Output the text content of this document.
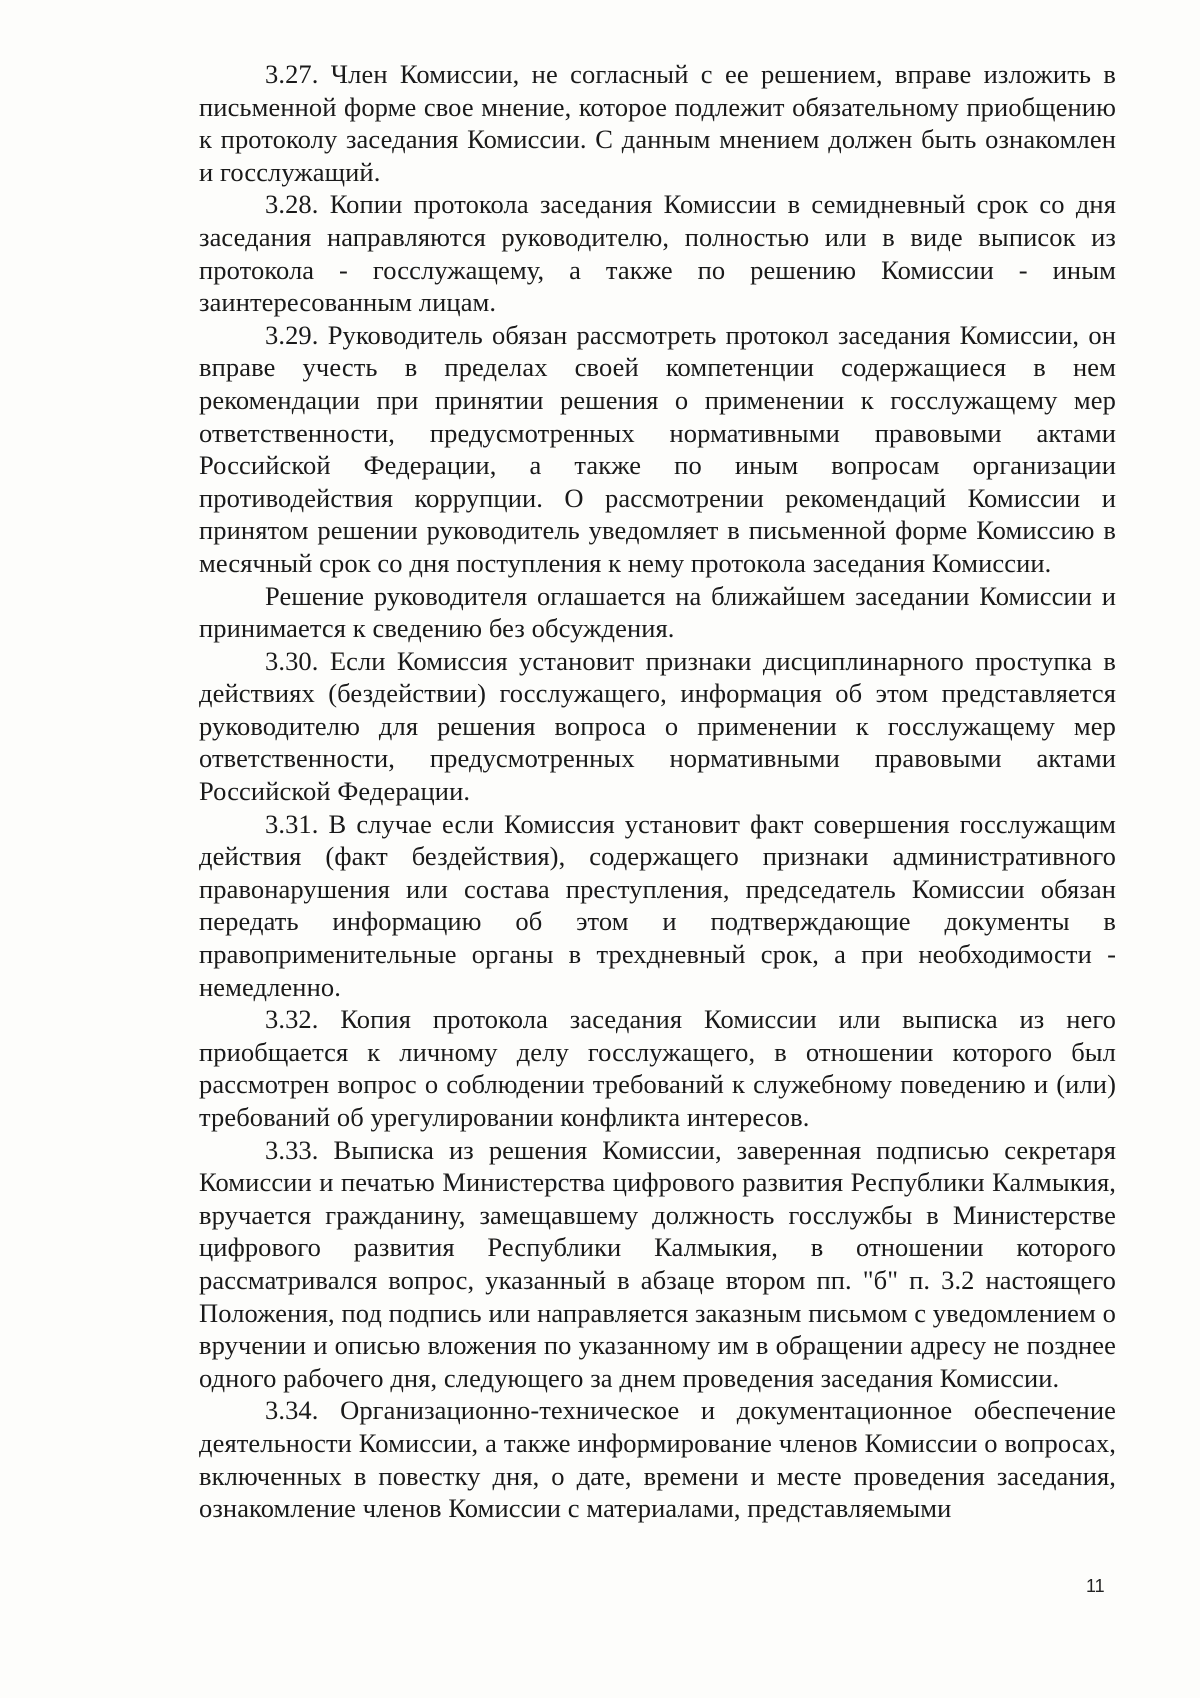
3.27. Член Комиссии, не согласный с ее решением, вправе изложить в письменной форме свое мнение, которое подлежит обязательному приобщению к протоколу заседания Комиссии. С данным мнением должен быть ознакомлен и госслужащий.

3.28. Копии протокола заседания Комиссии в семидневный срок со дня заседания направляются руководителю, полностью или в виде выписок из протокола - госслужащему, а также по решению Комиссии - иным заинтересованным лицам.

3.29. Руководитель обязан рассмотреть протокол заседания Комиссии, он вправе учесть в пределах своей компетенции содержащиеся в нем рекомендации при принятии решения о применении к госслужащему мер ответственности, предусмотренных нормативными правовыми актами Российской Федерации, а также по иным вопросам организации противодействия коррупции. О рассмотрении рекомендаций Комиссии и принятом решении руководитель уведомляет в письменной форме Комиссию в месячный срок со дня поступления к нему протокола заседания Комиссии.

Решение руководителя оглашается на ближайшем заседании Комиссии и принимается к сведению без обсуждения.

3.30. Если Комиссия установит признаки дисциплинарного проступка в действиях (бездействии) госслужащего, информация об этом представляется руководителю для решения вопроса о применении к госслужащему мер ответственности, предусмотренных нормативными правовыми актами Российской Федерации.

3.31. В случае если Комиссия установит факт совершения госслужащим действия (факт бездействия), содержащего признаки административного правонарушения или состава преступления, председатель Комиссии обязан передать информацию об этом и подтверждающие документы в правоприменительные органы в трехдневный срок, а при необходимости - немедленно.

3.32. Копия протокола заседания Комиссии или выписка из него приобщается к личному делу госслужащего, в отношении которого был рассмотрен вопрос о соблюдении требований к служебному поведению и (или) требований об урегулировании конфликта интересов.

3.33. Выписка из решения Комиссии, заверенная подписью секретаря Комиссии и печатью Министерства цифрового развития Республики Калмыкия, вручается гражданину, замещавшему должность госслужбы в Министерстве цифрового развития Республики Калмыкия, в отношении которого рассматривался вопрос, указанный в абзаце втором пп. "б" п. 3.2 настоящего Положения, под подпись или направляется заказным письмом с уведомлением о вручении и описью вложения по указанному им в обращении адресу не позднее одного рабочего дня, следующего за днем проведения заседания Комиссии.

3.34. Организационно-техническое и документационное обеспечение деятельности Комиссии, а также информирование членов Комиссии о вопросах, включенных в повестку дня, о дате, времени и месте проведения заседания, ознакомление членов Комиссии с материалами, представляемыми

11
